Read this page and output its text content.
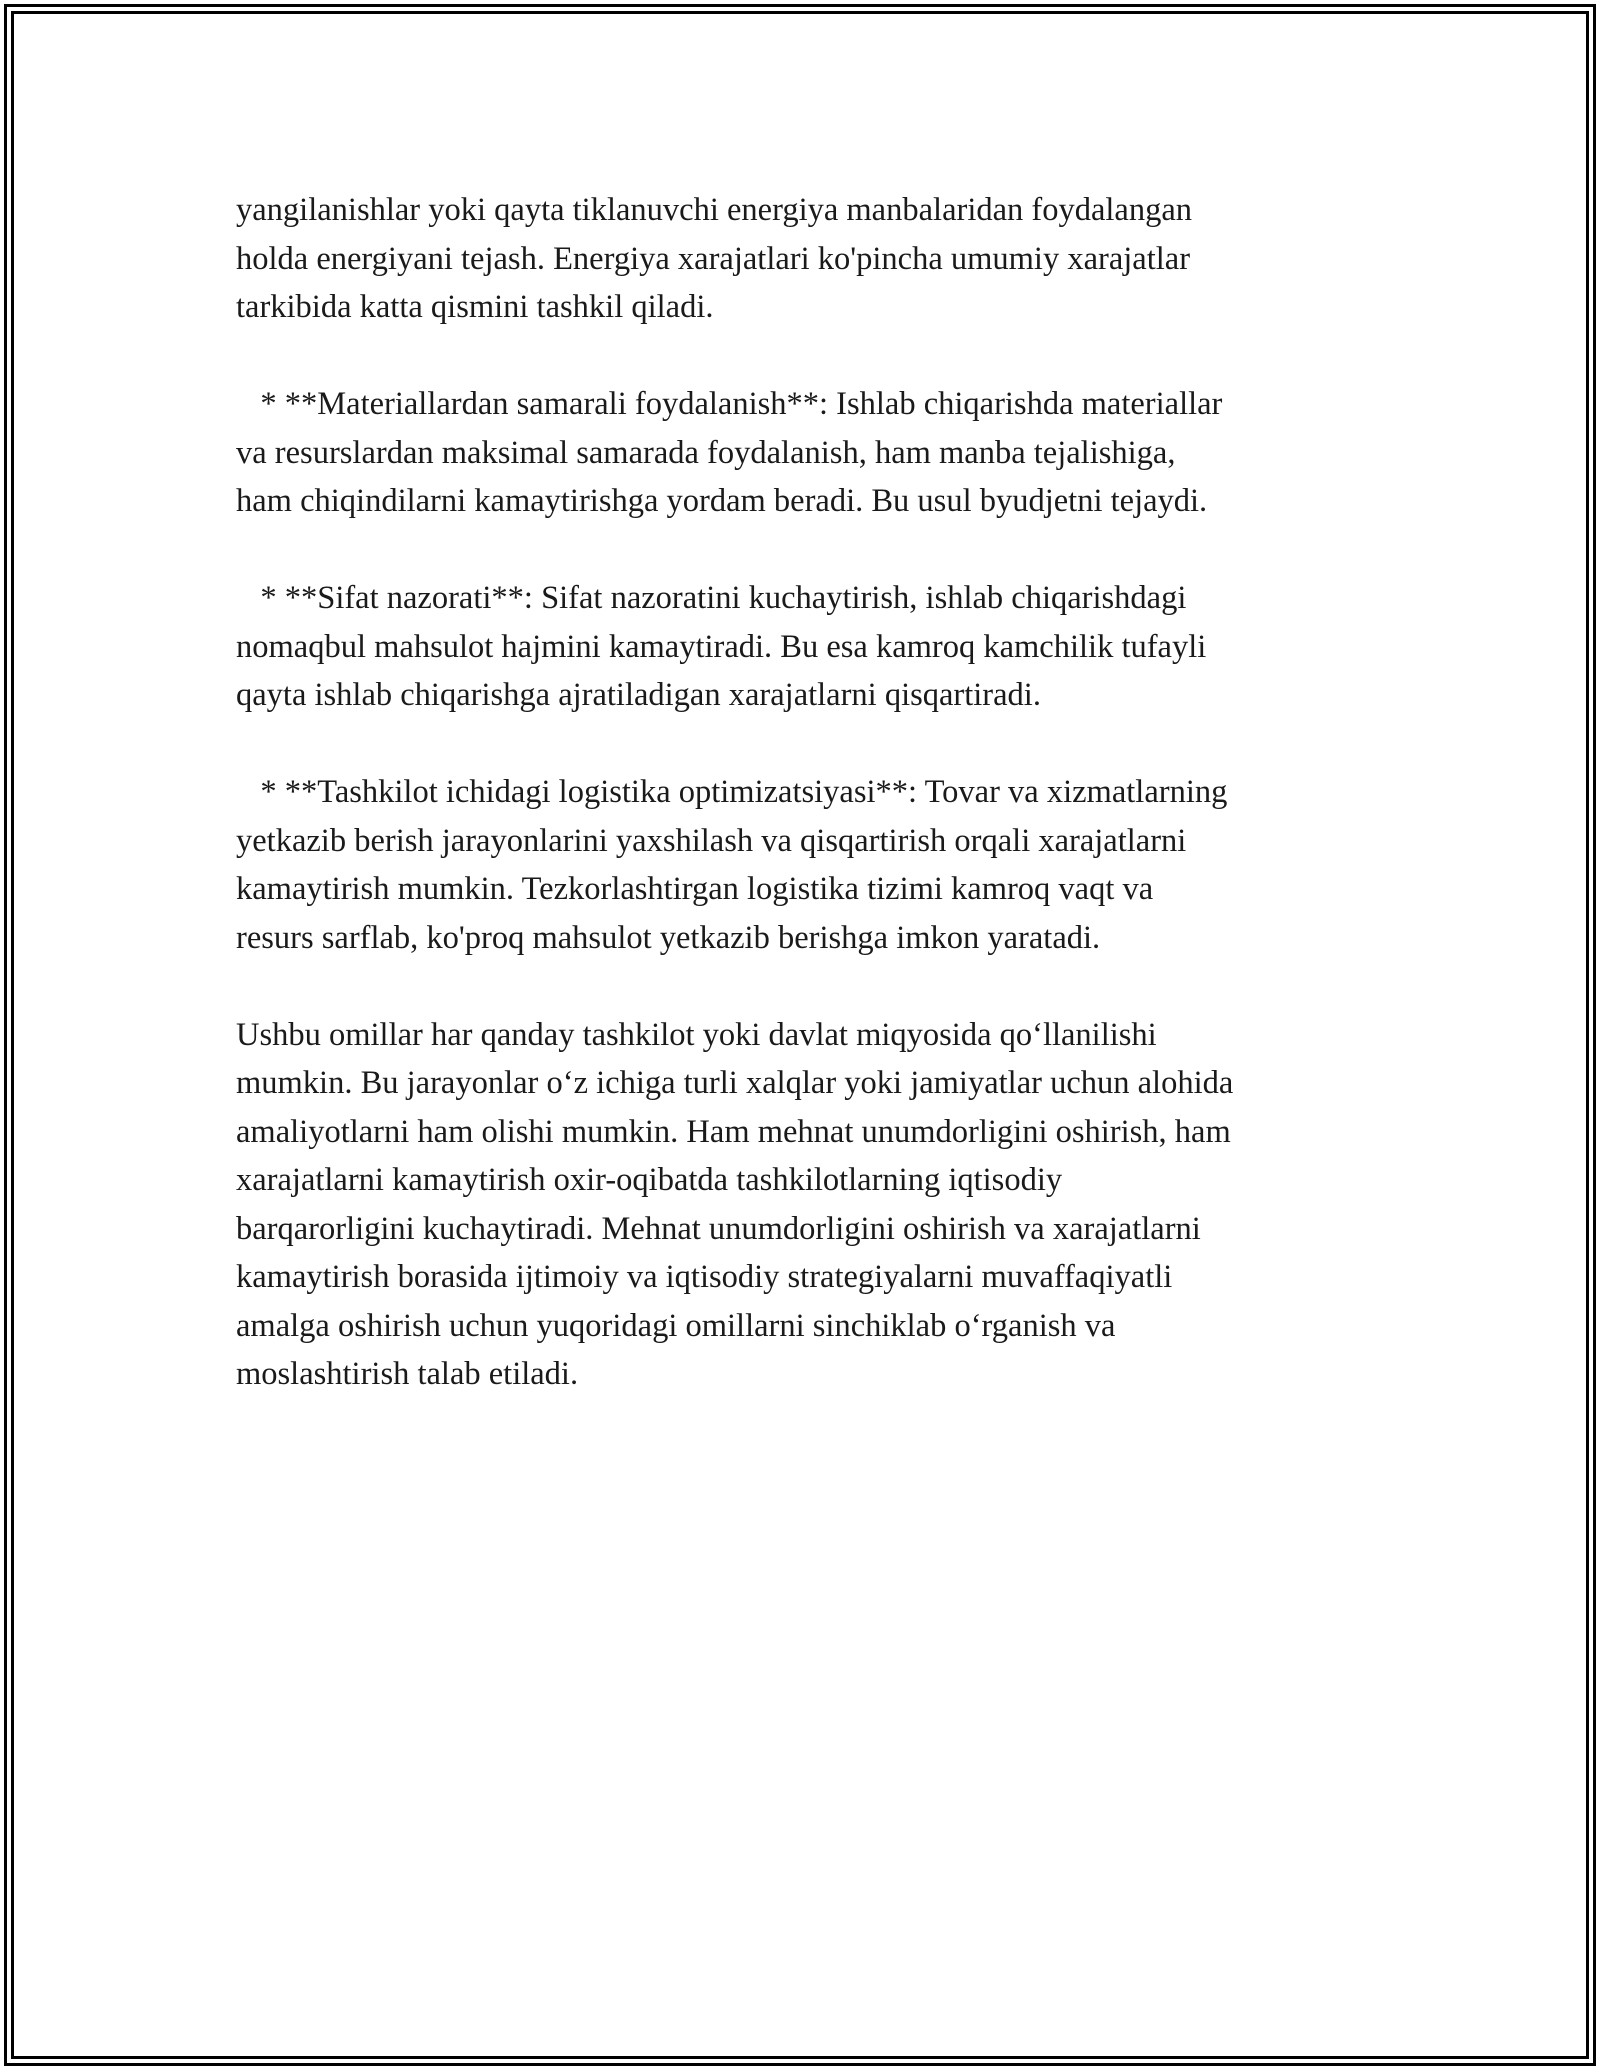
yangilanishlar yoki qayta tiklanuvchi energiya manbalaridan foydalangan
holda energiyani tejash. Energiya xarajatlari ko'pincha umumiy xarajatlar
tarkibida katta qismini tashkil qiladi.
* **Materiallardan samarali foydalanish**: Ishlab chiqarishda materiallar
va resurslardan maksimal samarada foydalanish, ham manba tejalishiga,
ham chiqindilarni kamaytirishga yordam beradi. Bu usul byudjetni tejaydi.
* **Sifat nazorati**: Sifat nazoratini kuchaytirish, ishlab chiqarishdagi
nomaqbul mahsulot hajmini kamaytiradi. Bu esa kamroq kamchilik tufayli
qayta ishlab chiqarishga ajratiladigan xarajatlarni qisqartiradi.
* **Tashkilot ichidagi logistika optimizatsiyasi**: Tovar va xizmatlarning
yetkazib berish jarayonlarini yaxshilash va qisqartirish orqali xarajatlarni
kamaytirish mumkin. Tezkorlashtirgan logistika tizimi kamroq vaqt va
resurs sarflab, ko'proq mahsulot yetkazib berishga imkon yaratadi.
Ushbu omillar har qanday tashkilot yoki davlat miqyosida qoʻllanilishi
mumkin. Bu jarayonlar oʻz ichiga turli xalqlar yoki jamiyatlar uchun alohida
amaliyotlarni ham olishi mumkin. Ham mehnat unumdorligini oshirish, ham
xarajatlarni kamaytirish oxir-oqibatda tashkilotlarning iqtisodiy
barqarorligini kuchaytiradi. Mehnat unumdorligini oshirish va xarajatlarni
kamaytirish borasida ijtimoiy va iqtisodiy strategiyalarni muvaffaqiyatli
amalga oshirish uchun yuqoridagi omillarni sinchiklab oʻrganish va
moslashtirish talab etiladi.
